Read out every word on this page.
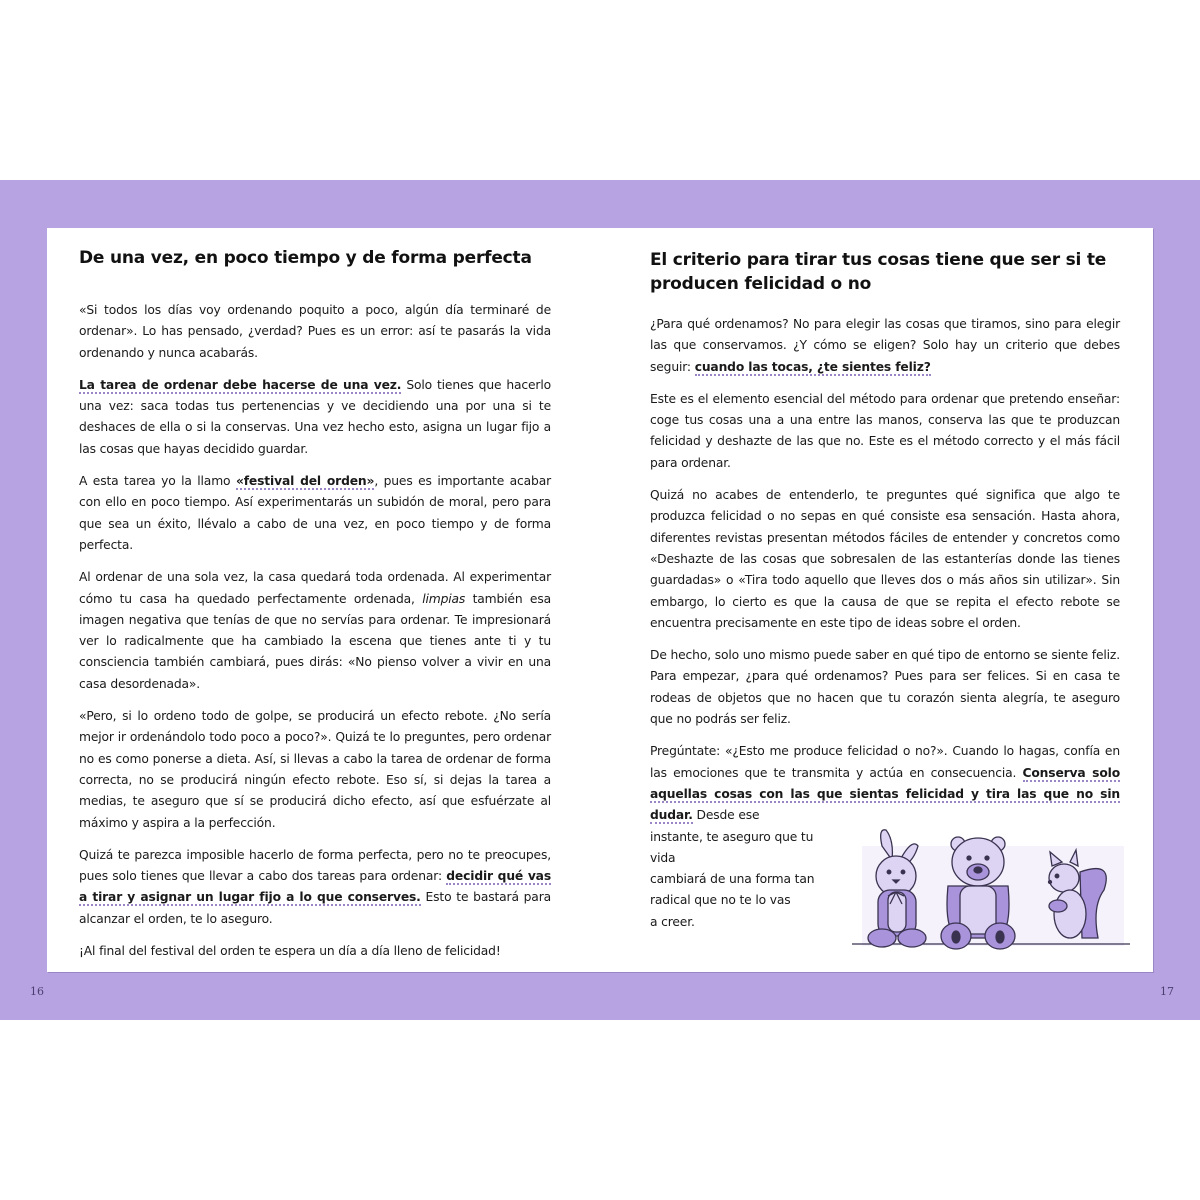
De una vez, en poco tiempo y de forma perfecta

«Si todos los días voy ordenando poquito a poco, algún día terminaré de ordenar». Lo has pensado, ¿verdad? Pues es un error: así te pasarás la vida ordenando y nunca acabarás.

La tarea de ordenar debe hacerse de una vez. Solo tienes que hacerlo una vez: saca todas tus pertenencias y ve decidiendo una por una si te deshaces de ella o si la conservas. Una vez hecho esto, asigna un lugar fijo a las cosas que hayas decidido guardar.

A esta tarea yo la llamo «festival del orden», pues es importante acabar con ello en poco tiempo. Así experimentarás un subidón de moral, pero para que sea un éxito, llévalo a cabo de una vez, en poco tiempo y de forma perfecta.

Al ordenar de una sola vez, la casa quedará toda ordenada. Al experimentar cómo tu casa ha quedado perfectamente ordenada, limpias también esa imagen negativa que tenías de que no servías para ordenar. Te impresionará ver lo radicalmente que ha cambiado la escena que tienes ante ti y tu consciencia también cambiará, pues dirás: «No pienso volver a vivir en una casa desordenada».

«Pero, si lo ordeno todo de golpe, se producirá un efecto rebote. ¿No sería mejor ir ordenándolo todo poco a poco?». Quizá te lo preguntes, pero ordenar no es como ponerse a dieta. Así, si llevas a cabo la tarea de ordenar de forma correcta, no se producirá ningún efecto rebote. Eso sí, si dejas la tarea a medias, te aseguro que sí se producirá dicho efecto, así que esfuérzate al máximo y aspira a la perfección.

Quizá te parezca imposible hacerlo de forma perfecta, pero no te preocupes, pues solo tienes que llevar a cabo dos tareas para ordenar: decidir qué vas a tirar y asignar un lugar fijo a lo que conserves. Esto te bastará para alcanzar el orden, te lo aseguro.

¡Al final del festival del orden te espera un día a día lleno de felicidad!

El criterio para tirar tus cosas tiene que ser si te producen felicidad o no

¿Para qué ordenamos? No para elegir las cosas que tiramos, sino para elegir las que conservamos. ¿Y cómo se eligen? Solo hay un criterio que debes seguir: cuando las tocas, ¿te sientes feliz?

Este es el elemento esencial del método para ordenar que pretendo enseñar: coge tus cosas una a una entre las manos, conserva las que te produzcan felicidad y deshazte de las que no. Este es el método correcto y el más fácil para ordenar.

Quizá no acabes de entenderlo, te preguntes qué significa que algo te produzca felicidad o no sepas en qué consiste esa sensación. Hasta ahora, diferentes revistas presentan métodos fáciles de entender y concretos como «Deshazte de las cosas que sobresalen de las estanterías donde las tienes guardadas» o «Tira todo aquello que lleves dos o más años sin utilizar». Sin embargo, lo cierto es que la causa de que se repita el efecto rebote se encuentra precisamente en este tipo de ideas sobre el orden.

De hecho, solo uno mismo puede saber en qué tipo de entorno se siente feliz. Para empezar, ¿para qué ordenamos? Pues para ser felices. Si en casa te rodeas de objetos que no hacen que tu corazón sienta alegría, te aseguro que no podrás ser feliz.

Pregúntate: «¿Esto me produce felicidad o no?». Cuando lo hagas, confía en las emociones que te transmita y actúa en consecuencia. Conserva solo aquellas cosas con las que sientas felicidad y tira las que no sin dudar. Desde ese

instante, te aseguro que tu vida
cambiará de una forma tan
radical que no te lo vas
a creer.

16	17
